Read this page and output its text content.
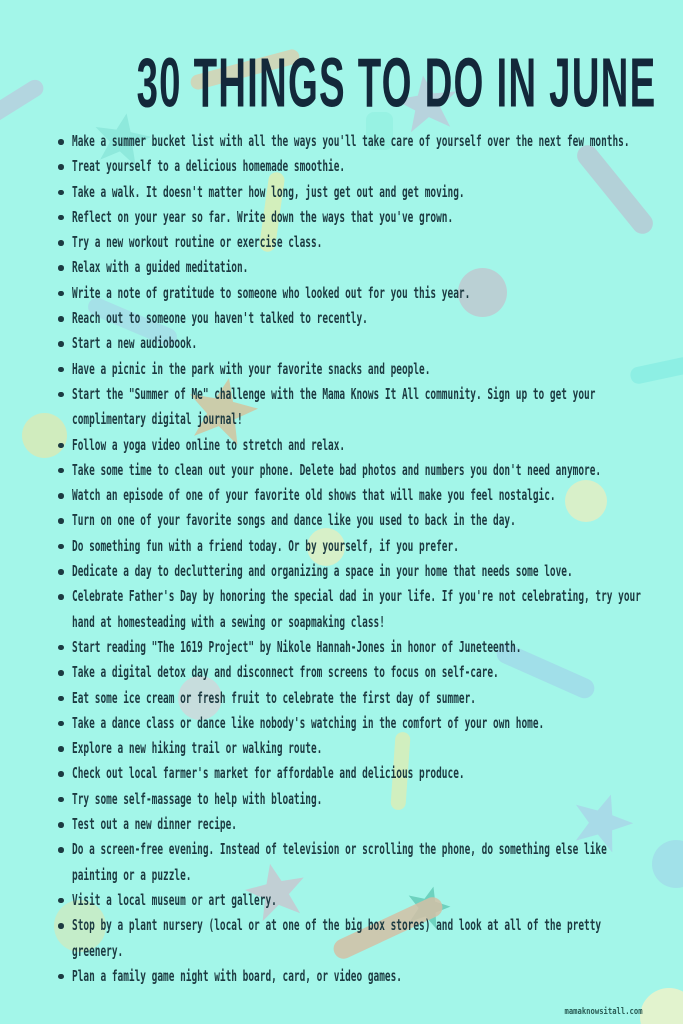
30 THINGS TO DO IN JUNE
Make a summer bucket list with all the ways you'll take care of yourself over the next few months.
Treat yourself to a delicious homemade smoothie.
Take a walk. It doesn't matter how long, just get out and get moving.
Reflect on your year so far. Write down the ways that you've grown.
Try a new workout routine or exercise class.
Relax with a guided meditation.
Write a note of gratitude to someone who looked out for you this year.
Reach out to someone you haven't talked to recently.
Start a new audiobook.
Have a picnic in the park with your favorite snacks and people.
Start the "Summer of Me" challenge with the Mama Knows It All community. Sign up to get your
complimentary digital journal!
Follow a yoga video online to stretch and relax.
Take some time to clean out your phone. Delete bad photos and numbers you don't need anymore.
Watch an episode of one of your favorite old shows that will make you feel nostalgic.
Turn on one of your favorite songs and dance like you used to back in the day.
Do something fun with a friend today. Or by yourself, if you prefer.
Dedicate a day to decluttering and organizing a space in your home that needs some love.
Celebrate Father's Day by honoring the special dad in your life. If you're not celebrating, try your
hand at homesteading with a sewing or soapmaking class!
Start reading "The 1619 Project" by Nikole Hannah-Jones in honor of Juneteenth.
Take a digital detox day and disconnect from screens to focus on self-care.
Eat some ice cream or fresh fruit to celebrate the first day of summer.
Take a dance class or dance like nobody's watching in the comfort of your own home.
Explore a new hiking trail or walking route.
Check out local farmer's market for affordable and delicious produce.
Try some self-massage to help with bloating.
Test out a new dinner recipe.
Do a screen-free evening. Instead of television or scrolling the phone, do something else like
painting or a puzzle.
Visit a local museum or art gallery.
Stop by a plant nursery (local or at one of the big box stores) and look at all of the pretty
greenery.
Plan a family game night with board, card, or video games.
mamaknowsitall.com
